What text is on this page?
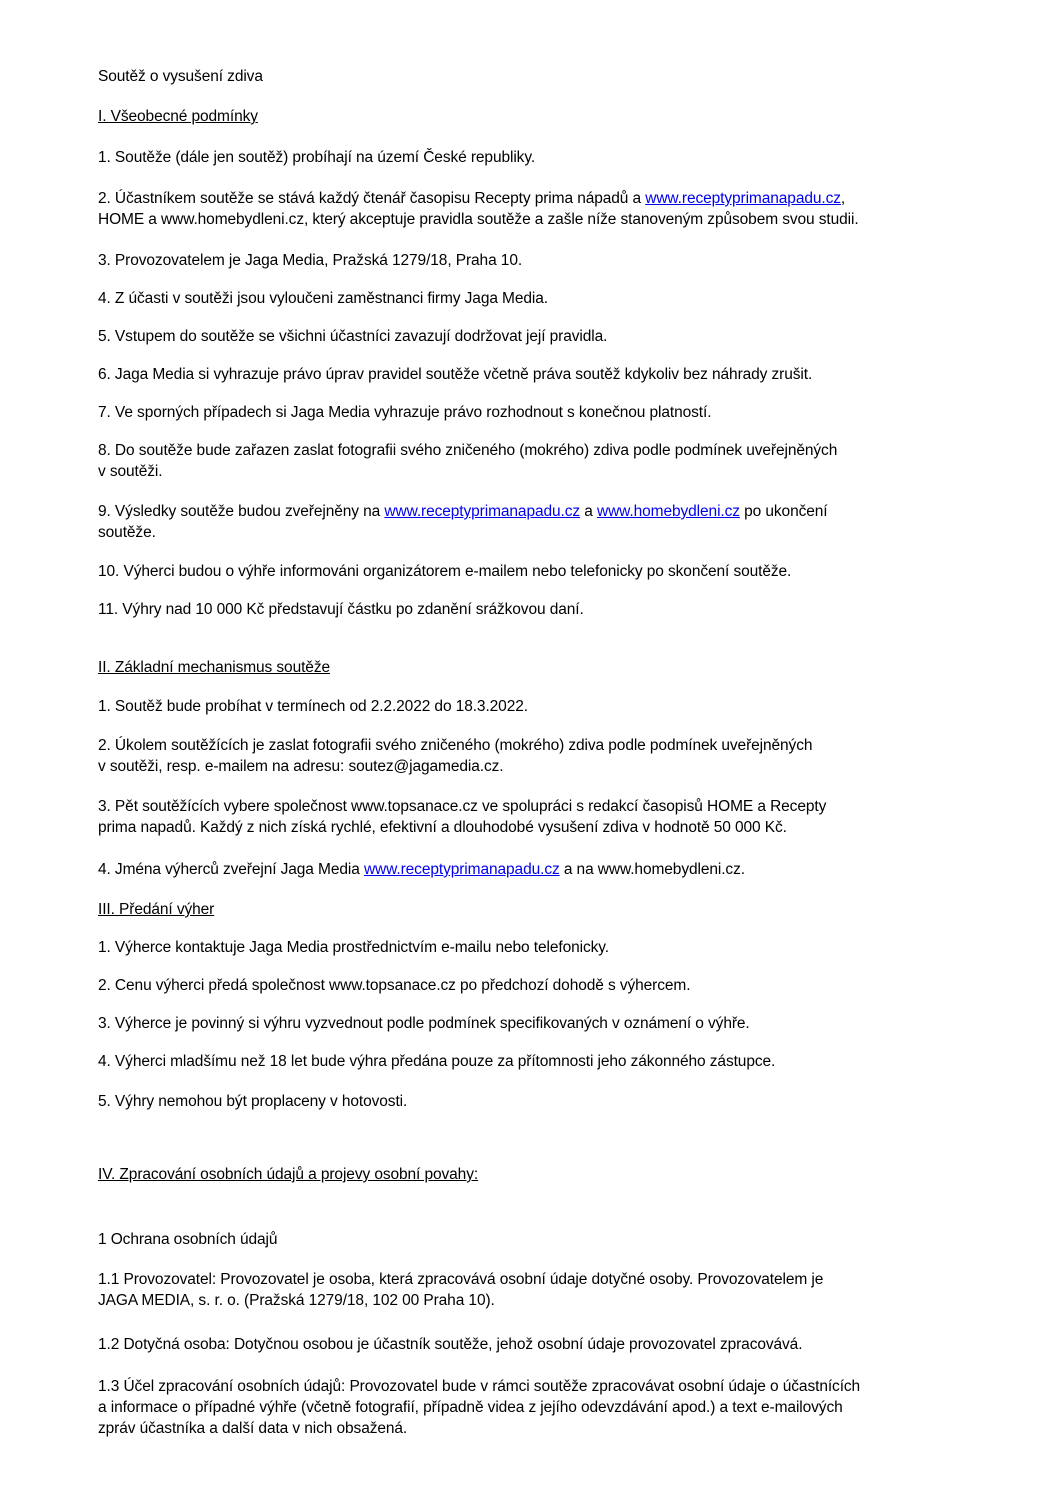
Soutěž o vysušení zdiva

I. Všeobecné podmínky

1. Soutěže (dále jen soutěž) probíhají na území České republiky.

2. Účastníkem soutěže se stává každý čtenář časopisu Recepty prima nápadů a www.receptyprimanapadu.cz,
HOME a www.homebydleni.cz, který akceptuje pravidla soutěže a zašle níže stanoveným způsobem svou studii.

3. Provozovatelem je Jaga Media, Pražská 1279/18, Praha 10.

4. Z účasti v soutěži jsou vyloučeni zaměstnanci firmy Jaga Media.

5. Vstupem do soutěže se všichni účastníci zavazují dodržovat její pravidla.

6. Jaga Media si vyhrazuje právo úprav pravidel soutěže včetně práva soutěž kdykoliv bez náhrady zrušit.

7. Ve sporných případech si Jaga Media vyhrazuje právo rozhodnout s konečnou platností.

8. Do soutěže bude zařazen zaslat fotografii svého zničeného (mokrého) zdiva podle podmínek uveřejněných
v soutěži.
9. Výsledky soutěže budou zveřejněny na www.receptyprimanapadu.cz a www.homebydleni.cz po ukončení
soutěže.

10. Výherci budou o výhře informováni organizátorem e-mailem nebo telefonicky po skončení soutěže.

11. Výhry nad 10 000 Kč představují částku po zdanění srážkovou daní.

II. Základní mechanismus soutěže

1. Soutěž bude probíhat v termínech od 2.2.2022 do 18.3.2022.

2. Úkolem soutěžících je zaslat fotografii svého zničeného (mokrého) zdiva podle podmínek uveřejněných
v soutěži, resp. e-mailem na adresu: soutez@jagamedia.cz.
3. Pět soutěžících vybere společnost www.topsanace.cz ve spolupráci s redakcí časopisů HOME a Recepty
prima napadů. Každý z nich získá rychlé, efektivní a dlouhodobé vysušení zdiva v hodnotě 50 000 Kč.
4. Jména výherců zveřejní Jaga Media www.receptyprimanapadu.cz a na www.homebydleni.cz.

III. Předání výher

1. Výherce kontaktuje Jaga Media prostřednictvím e-mailu nebo telefonicky.

2. Cenu výherci předá společnost www.topsanace.cz po předchozí dohodě s výhercem.

3. Výherce je povinný si výhru vyzvednout podle podmínek specifikovaných v oznámení o výhře.

4. Výherci mladšímu než 18 let bude výhra předána pouze za přítomnosti jeho zákonného zástupce.

5. Výhry nemohou být proplaceny v hotovosti.

IV. Zpracování osobních údajů a projevy osobní povahy:

1 Ochrana osobních údajů

1.1 Provozovatel: Provozovatel je osoba, která zpracovává osobní údaje dotyčné osoby. Provozovatelem je
JAGA MEDIA, s. r. o. (Pražská 1279/18, 102 00 Praha 10).

1.2 Dotyčná osoba: Dotyčnou osobou je účastník soutěže, jehož osobní údaje provozovatel zpracovává.

1.3 Účel zpracování osobních údajů: Provozovatel bude v rámci soutěže zpracovávat osobní údaje o účastnících
a informace o případné výhře (včetně fotografií, případně videa z jejího odevzdávání apod.) a text e-mailových
zpráv účastníka a další data v nich obsažená.
